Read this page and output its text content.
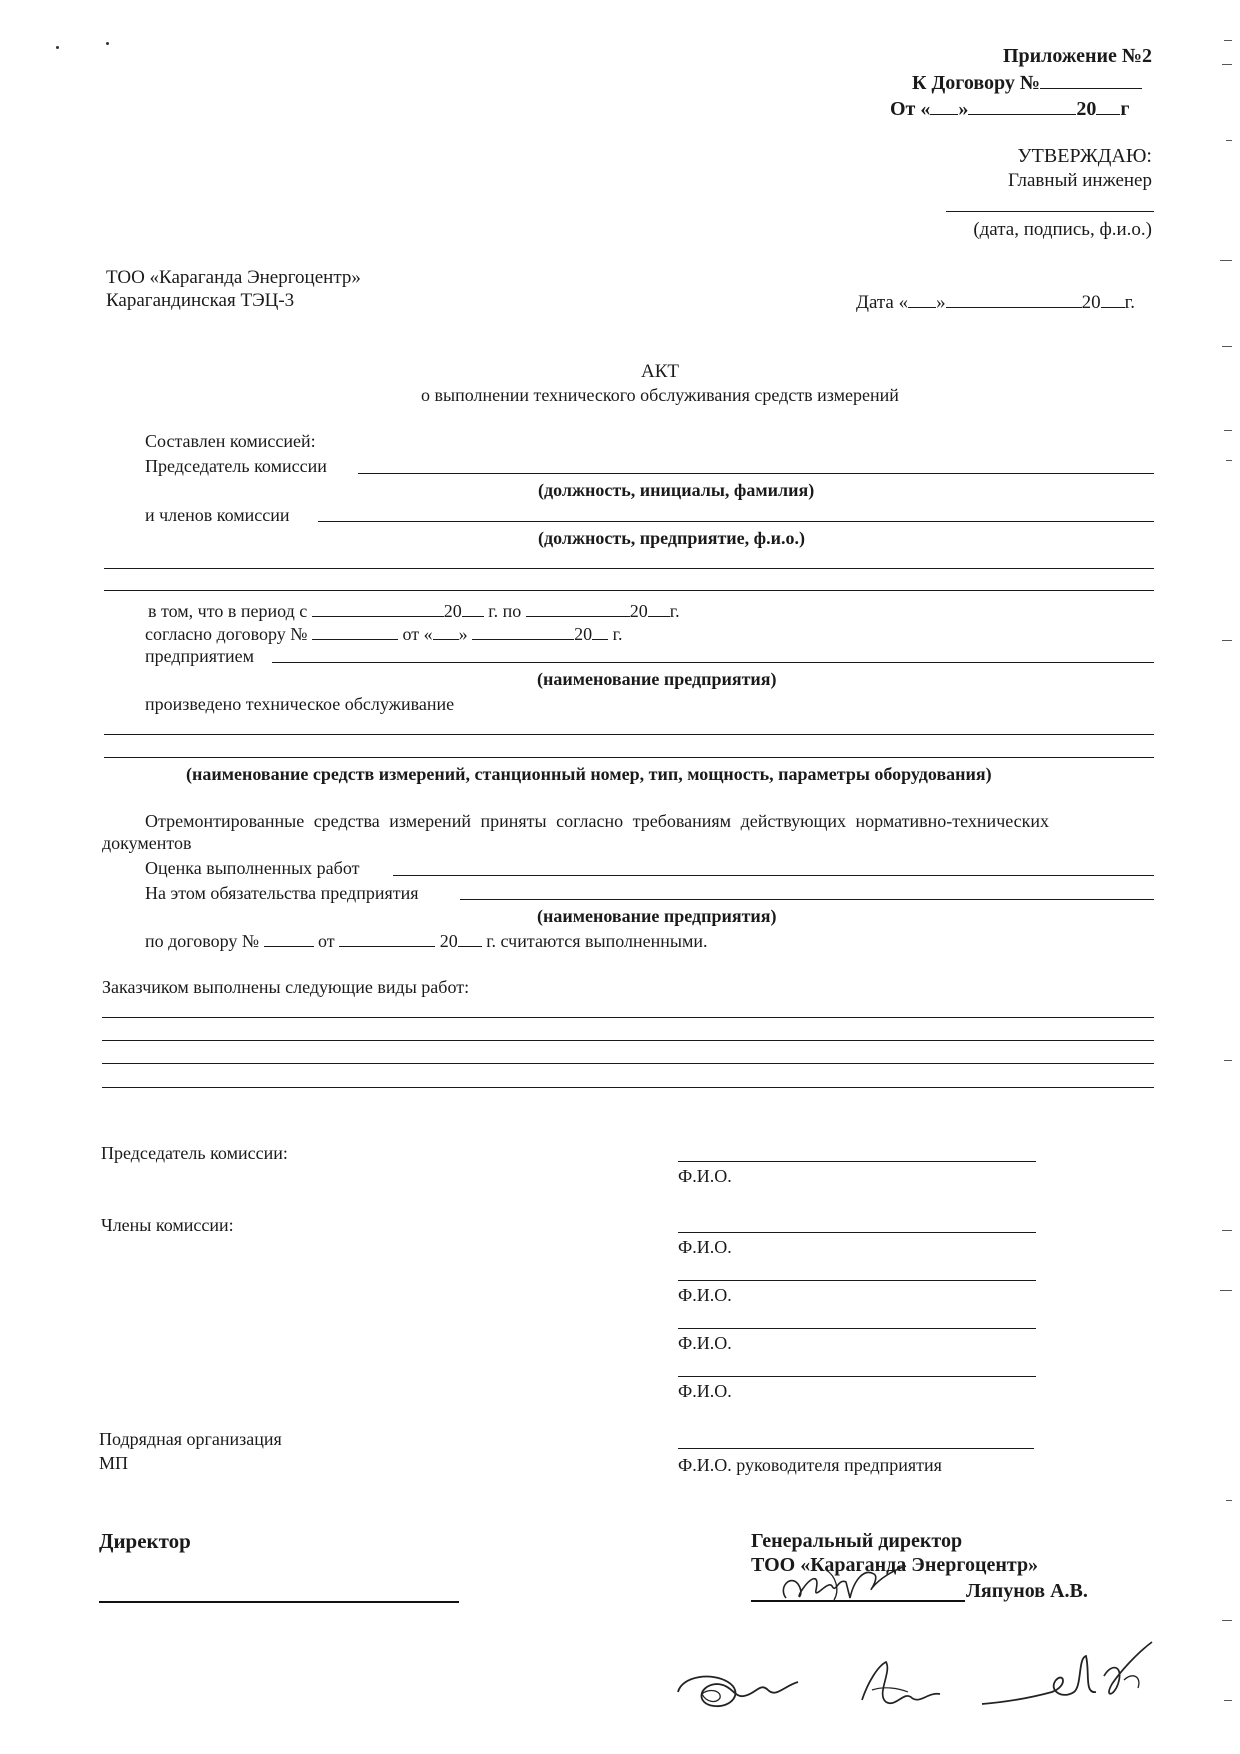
Приложение №2
К Договору №
От « »	20 г
УТВЕРЖДАЮ:
Главный инженер
(дата, подпись, ф.и.о.)
ТОО «Караганда Энергоцентр»
Карагандинская ТЭЦ-3	Дата « »	20 г.
АКТ
о выполнении технического обслуживания средств измерений
Составлен комиссией:
Председатель комиссии
(должность, инициалы, фамилия)
и членов комиссии
(должность, предприятие, ф.и.о.)
в том, что в период с	20 г. по	20 г.
согласно договору №	от « »	20 г.
предприятием
(наименование предприятия)
произведено техническое обслуживание
(наименование средств измерений, станционный номер, тип, мощность, параметры оборудования)
Отремонтированные средства измерений приняты согласно требованиям действующих нормативно-технических
документов
Оценка выполненных работ
На этом обязательства предприятия
(наименование предприятия)
по договору №	от	20 г. считаются выполненными.
Заказчиком выполнены следующие виды работ:
Председатель комиссии:
Ф.И.О.
Члены комиссии:
Ф.И.О.
Ф.И.О.
Ф.И.О.
Ф.И.О.
Подрядная организация
МП	Ф.И.О. руководителя предприятия
Директор	Генеральный директор
ТОО «Караганда Энергоцентр»
Ляпунов А.В.
